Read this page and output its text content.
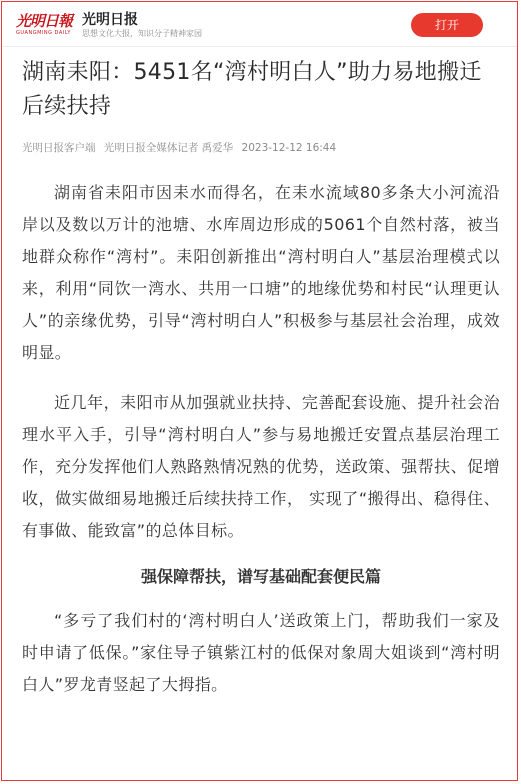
光明日報
GUANGMING DAILY
光明日报
思想文化大报，知识分子精神家园
打开
湖南耒阳：5451名“湾村明白人”助力易地搬迁后续扶持
光明日报客户端 光明日报全媒体记者 禹爱华 2023-12-12 16:44

湖南省耒阳市因耒水而得名，在耒水流域80多条大小河流沿岸以及数以万计的池塘、水库周边形成的5061个自然村落，被当地群众称作“湾村”。耒阳创新推出“湾村明白人”基层治理模式以来，利用“同饮一湾水、共用一口塘”的地缘优势和村民“认理更认人”的亲缘优势，引导“湾村明白人”积极参与基层社会治理，成效明显。

近几年，耒阳市从加强就业扶持、完善配套设施、提升社会治理水平入手，引导“湾村明白人”参与易地搬迁安置点基层治理工作，充分发挥他们人熟路熟情况熟的优势，送政策、强帮扶、促增收，做实做细易地搬迁后续扶持工作， 实现了“搬得出、稳得住、有事做、能致富”的总体目标。

强保障帮扶，谱写基础配套便民篇

“多亏了我们村的‘湾村明白人’送政策上门，帮助我们一家及时申请了低保。”家住导子镇紫江村的低保对象周大姐谈到“湾村明白人”罗龙青竖起了大拇指。
